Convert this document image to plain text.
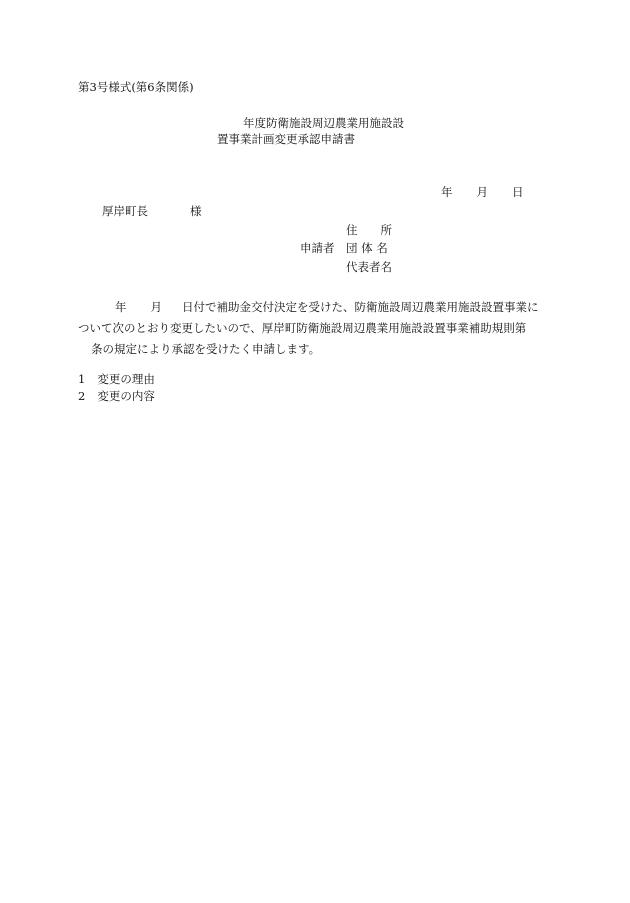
第3号様式(第6条関係)
年度防衛施設周辺農業用施設設
置事業計画変更承認申請書
年 月 日
厚岸町長	様
住　　所
申請者 団 体 名
代表者名
年 月 日付で補助金交付決定を受けた、防衛施設周辺農業用施設設置事業に
ついて次のとおり変更したいので、厚岸町防衛施設周辺農業用施設設置事業補助規則第
条の規定により承認を受けたく申請します。
1 変更の理由
2 変更の内容
